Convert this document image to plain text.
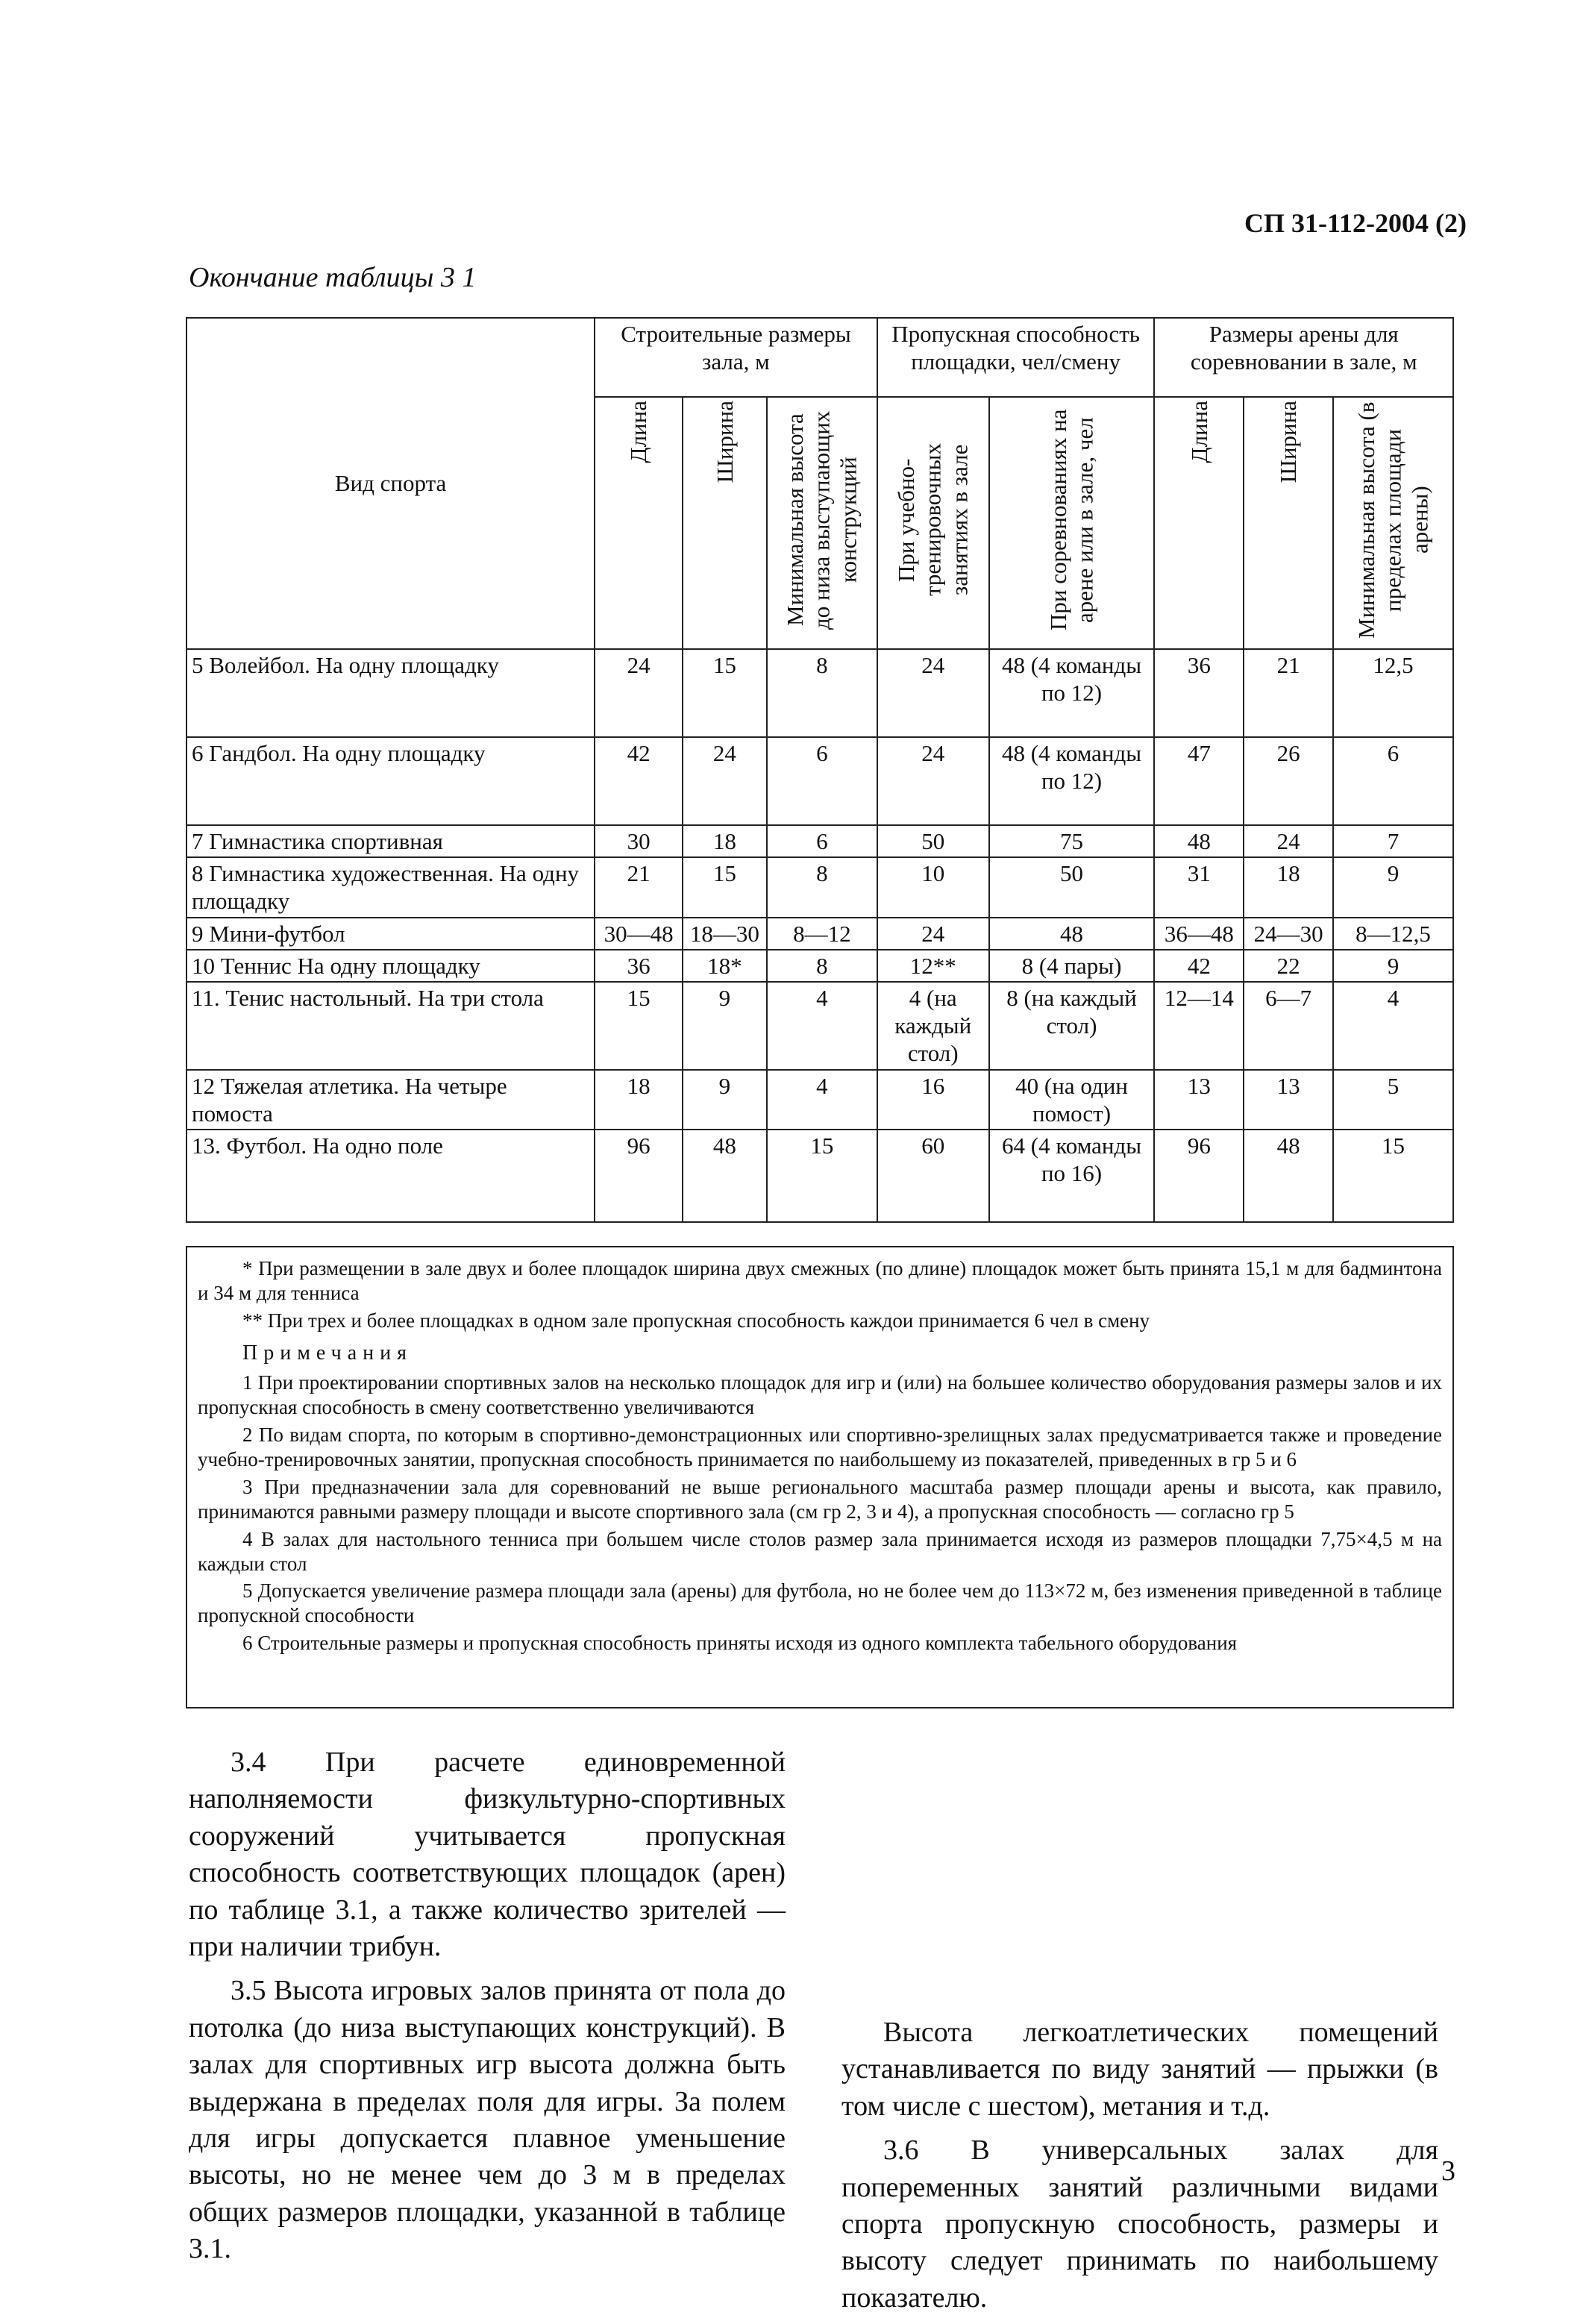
СП 31-112-2004 (2)
Окончание таблицы 3 1
Вид спорта	Строительные размеры зала, м			Пропускная способность площадки, чел/смену		Размеры арены для соревновании в зале, м		

	Длина	Ширина	Минимальная высота до низа выступающих конструкций	При учебно-тренировочных занятиях в зале	При соревнованиях на арене или в зале, чел	Длина	Ширина	Минимальная высота (в пределах площади арены)

5 Волейбол. На одну площадку	24	15	8	24	48 (4 команды по 12)	36	21	12,5
6 Гандбол. На одну площадку	42	24	6	24	48 (4 команды по 12)	47	26	6
7 Гимнастика спортивная	30	18	6	50	75	48	24	7
8 Гимнастика художественная. На одну площадку	21	15	8	10	50	31	18	9
9 Мини-футбол	30—48	18—30	8—12	24	48	36—48	24—30	8—12,5
10 Теннис На одну площадку	36	18*	8	12**	8 (4 пары)	42	22	9
11. Тенис настольный. На три стола	15	9	4	4 (на каждый стол)	8 (на каждый стол)	12—14	6—7	4
12 Тяжелая атлетика. На четыре помоста	18	9	4	16	40 (на один помост)	13	13	5
13. Футбол. На одно поле	96	48	15	60	64 (4 команды по 16)	96	48	15

* При размещении в зале двух и более площадок ширина двух смежных (по длине) площадок может быть принята 15,1 м для бадминтона и 34 м для тенниса

** При трех и более площадках в одном зале пропускная способность каждои принимается 6 чел в смену

Примечания

1 При проектировании спортивных залов на несколько площадок для игр и (или) на большее количество оборудования размеры залов и их пропускная способность в смену соответственно увеличиваются

2 По видам спорта, по которым в спортивно-демонстрационных или спортивно-зрелищных залах предусматривается также и проведение учебно-тренировочных занятии, пропускная способность принимается по наибольшему из показателей, приведенных в гр 5 и 6

3 При предназначении зала для соревнований не выше регионального масштаба размер площади арены и высота, как правило, принимаются равными размеру площади и высоте спортивного зала (см гр 2, 3 и 4), а пропускная способность — согласно гр 5

4 В залах для настольного тенниса при большем числе столов размер зала принимается исходя из размеров площадки 7,75×4,5 м на каждыи стол

5 Допускается увеличение размера площади зала (арены) для футбола, но не более чем до 113×72 м, без изменения приведенной в таблице пропускной способности

6 Строительные размеры и пропускная способность приняты исходя из одного комплекта табельного оборудования

3.4 При расчете единовременной наполняемости физкультурно-спортивных сооружений учитывается пропускная способность соответствующих площадок (арен) по таблице 3.1, а также количество зрителей — при наличии трибун.

3.5 Высота игровых залов принята от пола до потолка (до низа выступающих конструкций). В залах для спортивных игр высота должна быть выдержана в пределах поля для игры. За полем для игры допускается плавное уменьшение высоты, но не менее чем до 3 м в пределах общих размеров площадки, указанной в таблице 3.1.

Высота легкоатлетических помещений устанавливается по виду занятий — прыжки (в том числе с шестом), метания и т.д.

3.6 В универсальных залах для попеременных занятий различными видами спорта пропускную способность, размеры и высоту следует принимать по наибольшему показателю.

3
